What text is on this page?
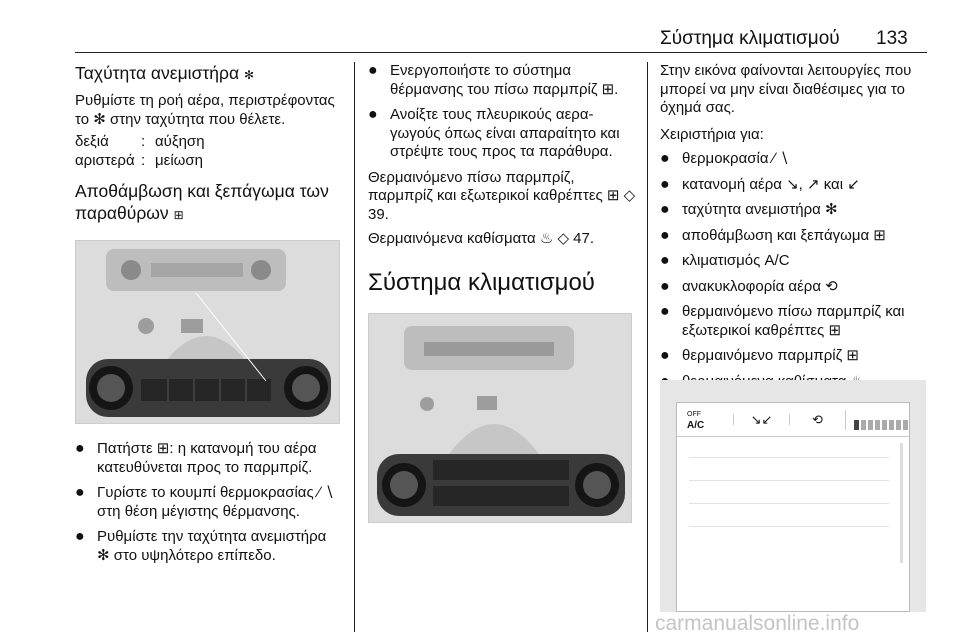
Σύστημα κλιματισμού 133
Ταχύτητα ανεμιστήρα ✻

Ρυθμίστε τη ροή αέρα, περιστρέφοντας το ✻ στην ταχύτητα που θέλετε.

δεξιά	: αύξηση
αριστερά : μείωση
Αποθάμβωση και ξεπάγωμα των παραθύρων ⊞
● Πατήστε ⊞: η κατανομή του αέρα κατευθύνεται προς το παρμπρίζ.
● Γυρίστε το κουμπί θερμοκρασίας ∕ ∖ στη θέση μέγιστης θέρμανσης.
● Ρυθμίστε την ταχύτητα ανεμιστήρα ✻ στο υψηλότερο επίπεδο.
● Ενεργοποιήστε το σύστημα θέρμανσης του πίσω παρμπρίζ ⊞.
● Ανοίξτε τους πλευρικούς αεραγωγούς όπως είναι απαραίτητο και στρέψτε τους προς τα παράθυρα.

Θερμαινόμενο πίσω παρμπρίζ, παρμπρίζ και εξωτερικοί καθρέπτες ⊞ ◇ 39.

Θερμαινόμενα καθίσματα ♨ ◇ 47.

Σύστημα κλιματισμού

Στην εικόνα φαίνονται λειτουργίες που μπορεί να μην είναι διαθέσιμες για το όχημά σας.

Χειριστήρια για:

● θερμοκρασία ∕ ∖
● κατανομή αέρα ↘, ↗ και ↙
● ταχύτητα ανεμιστήρα ✻
● αποθάμβωση και ξεπάγωμα ⊞
● κλιματισμός A/C
● ανακυκλοφορία αέρα ⟲
● θερμαινόμενο πίσω παρμπρίζ και εξωτερικοί καθρέπτες ⊞
● θερμαινόμενο παρμπρίζ ⊞
OFF
A/C	↘↙	⟲
carmanualsonline.info
